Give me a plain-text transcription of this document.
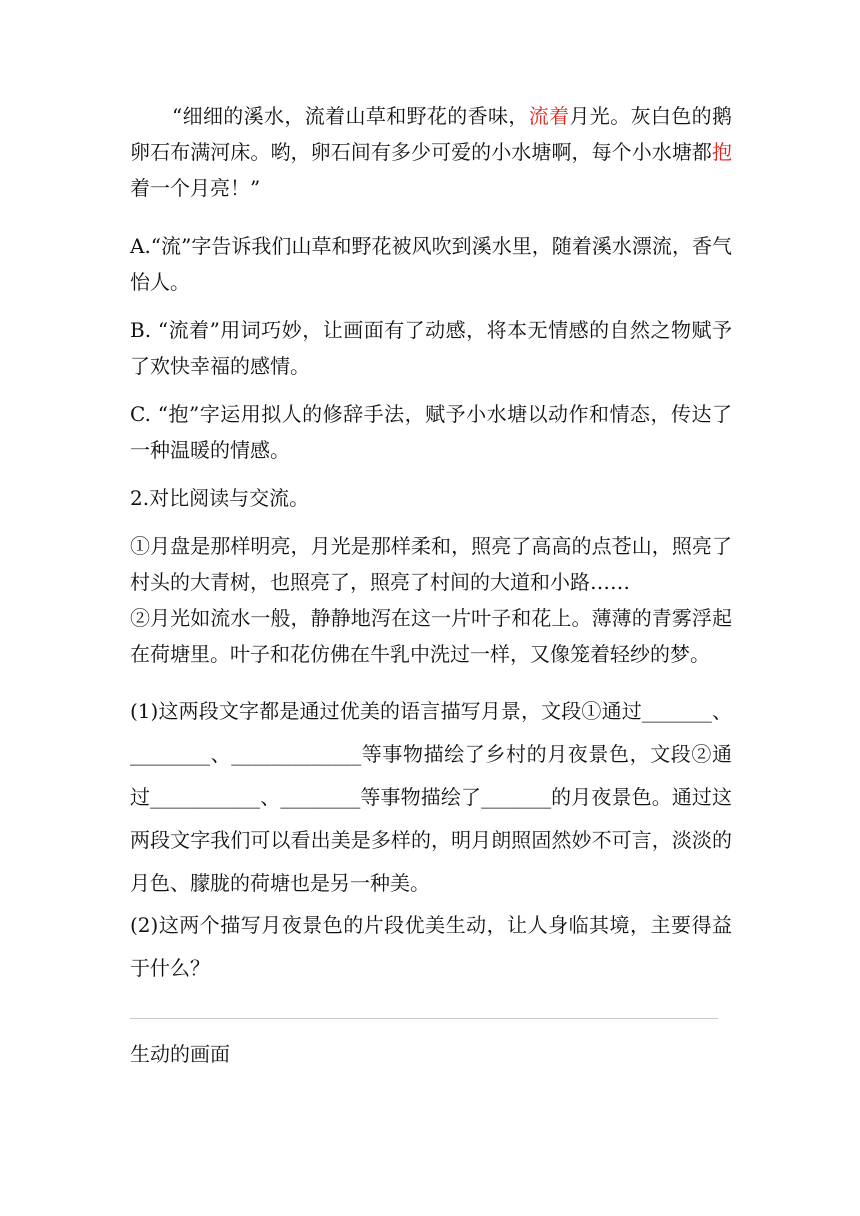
“细细的溪水，流着山草和野花的香味，流着月光。灰白色的鹅卵石布满河床。哟，卵石间有多少可爱的小水塘啊，每个小水塘都抱着一个月亮！”

A.“流”字告诉我们山草和野花被风吹到溪水里，随着溪水漂流，香气怡人。

B. “流着”用词巧妙，让画面有了动感，将本无情感的自然之物赋予了欢快幸福的感情。

C. “抱”字运用拟人的修辞手法，赋予小水塘以动作和情态，传达了一种温暖的情感。

2.对比阅读与交流。

①月盘是那样明亮，月光是那样柔和，照亮了高高的点苍山，照亮了村头的大青树，也照亮了，照亮了村间的大道和小路……

②月光如流水一般，静静地泻在这一片叶子和花上。薄薄的青雾浮起在荷塘里。叶子和花仿佛在牛乳中洗过一样，又像笼着轻纱的梦。

(1)这两段文字都是通过优美的语言描写月景，文段①通过_______、________、_____________等事物描绘了乡村的月夜景色，文段②通过___________、________等事物描绘了_______的月夜景色。通过这两段文字我们可以看出美是多样的，明月朗照固然妙不可言，淡淡的月色、朦胧的荷塘也是另一种美。

(2)这两个描写月夜景色的片段优美生动，让人身临其境，主要得益于什么？

生动的画面
